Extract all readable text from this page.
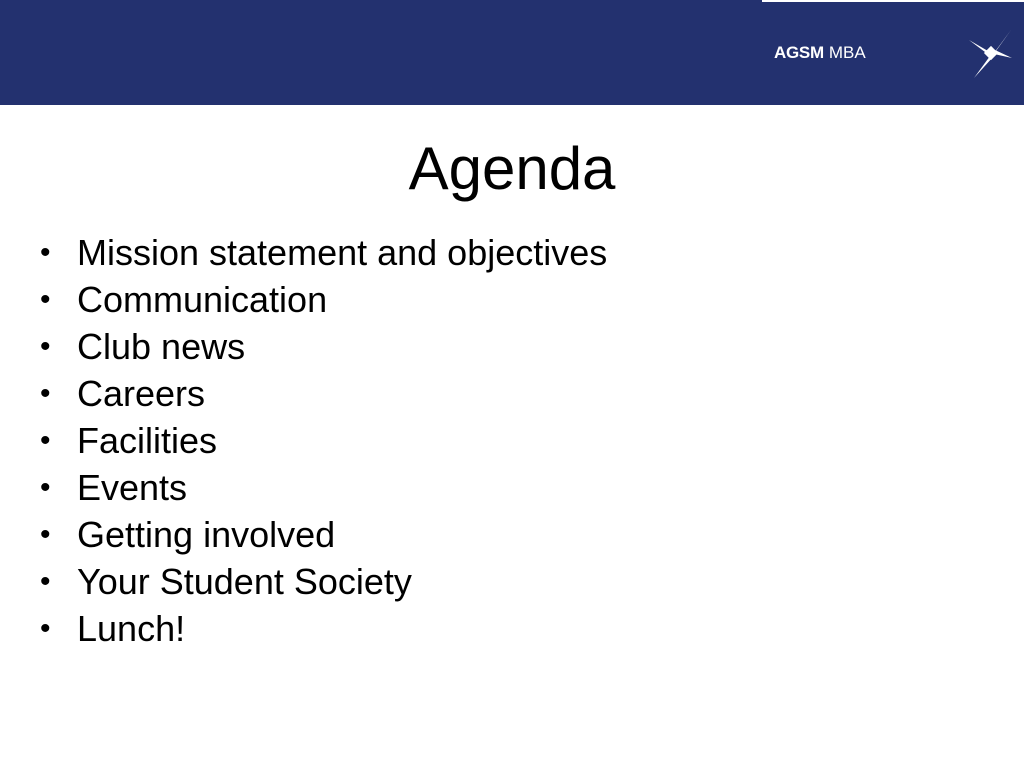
AGSM MBA
Agenda
• Mission statement and objectives
• Communication
• Club news
• Careers
• Facilities
• Events
• Getting involved
• Your Student Society
• Lunch!
